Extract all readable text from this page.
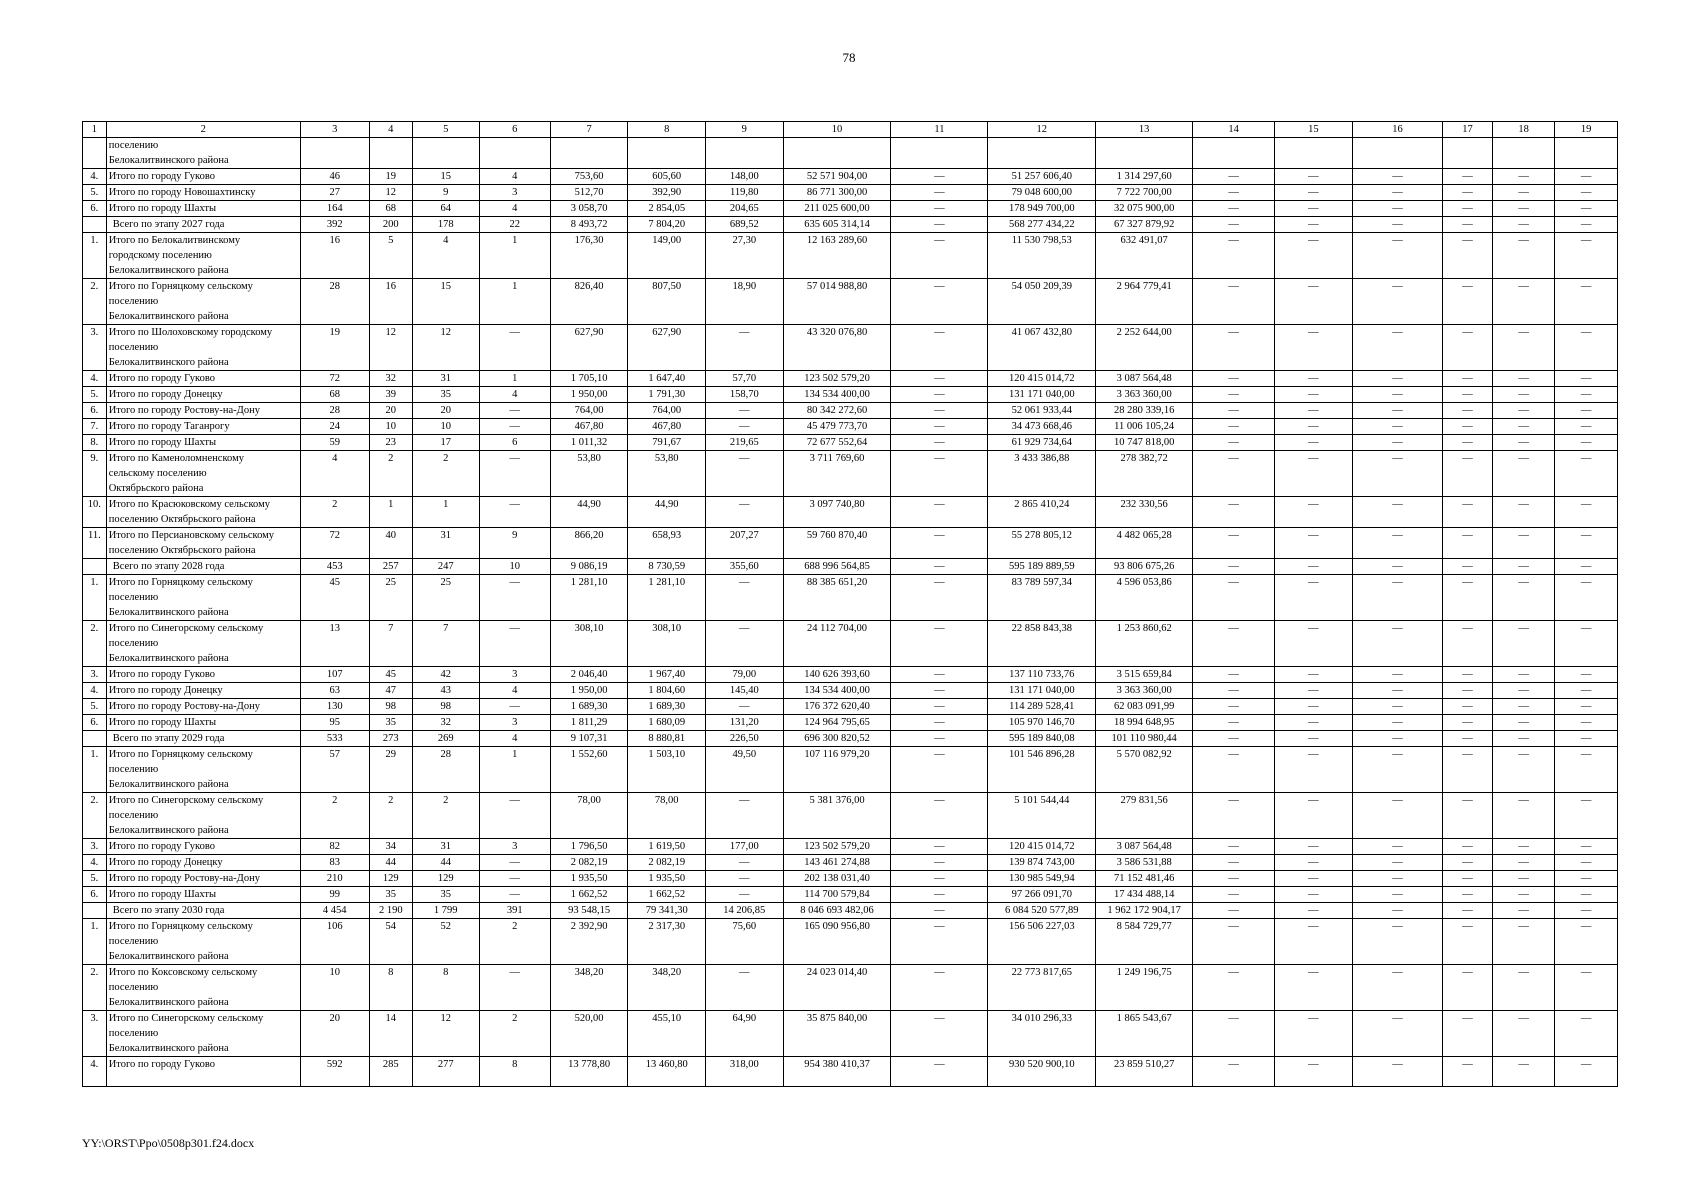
78
1	2	3	4	5	6	7	8	9	10	11	12	13	14	15	16	17	18	19
	поселению
Белокалитвинского района																	
4.	Итого по городу Гуково	46	19	15	4	753,60	605,60	148,00	52 571 904,00	—	51 257 606,40	1 314 297,60	—	—	—	—	—	—
5.	Итого по городу Новошахтинску	27	12	9	3	512,70	392,90	119,80	86 771 300,00	—	79 048 600,00	7 722 700,00	—	—	—	—	—	—
6.	Итого по городу Шахты	164	68	64	4	3 058,70	2 854,05	204,65	211 025 600,00	—	178 949 700,00	32 075 900,00	—	—	—	—	—	—
	Всего по этапу 2027 года	392	200	178	22	8 493,72	7 804,20	689,52	635 605 314,14	—	568 277 434,22	67 327 879,92	—	—	—	—	—	—
1.	Итого по Белокалитвинскому
городскому поселению
Белокалитвинского района	16	5	4	1	176,30	149,00	27,30	12 163 289,60	—	11 530 798,53	632 491,07	—	—	—	—	—	—
2.	Итого по Горняцкому сельскому
поселению
Белокалитвинского района	28	16	15	1	826,40	807,50	18,90	57 014 988,80	—	54 050 209,39	2 964 779,41	—	—	—	—	—	—
3.	Итого по Шолоховскому городскому
поселению
Белокалитвинского района	19	12	12	—	627,90	627,90	—	43 320 076,80	—	41 067 432,80	2 252 644,00	—	—	—	—	—	—
4.	Итого по городу Гуково	72	32	31	1	1 705,10	1 647,40	57,70	123 502 579,20	—	120 415 014,72	3 087 564,48	—	—	—	—	—	—
5.	Итого по городу Донецку	68	39	35	4	1 950,00	1 791,30	158,70	134 534 400,00	—	131 171 040,00	3 363 360,00	—	—	—	—	—	—
6.	Итого по городу Ростову-на-Дону	28	20	20	—	764,00	764,00	—	80 342 272,60	—	52 061 933,44	28 280 339,16	—	—	—	—	—	—
7.	Итого по городу Таганрогу	24	10	10	—	467,80	467,80	—	45 479 773,70	—	34 473 668,46	11 006 105,24	—	—	—	—	—	—
8.	Итого по городу Шахты	59	23	17	6	1 011,32	791,67	219,65	72 677 552,64	—	61 929 734,64	10 747 818,00	—	—	—	—	—	—
9.	Итого по Каменоломненскому
сельскому поселению
Октябрьского района	4	2	2	—	53,80	53,80	—	3 711 769,60	—	3 433 386,88	278 382,72	—	—	—	—	—	—
10.	Итого по Красюковскому сельскому
поселению Октябрьского района	2	1	1	—	44,90	44,90	—	3 097 740,80	—	2 865 410,24	232 330,56	—	—	—	—	—	—
11.	Итого по Персиановскому сельскому
поселению Октябрьского района	72	40	31	9	866,20	658,93	207,27	59 760 870,40	—	55 278 805,12	4 482 065,28	—	—	—	—	—	—
	Всего по этапу 2028 года	453	257	247	10	9 086,19	8 730,59	355,60	688 996 564,85	—	595 189 889,59	93 806 675,26	—	—	—	—	—	—
1.	Итого по Горняцкому сельскому
поселению
Белокалитвинского района	45	25	25	—	1 281,10	1 281,10	—	88 385 651,20	—	83 789 597,34	4 596 053,86	—	—	—	—	—	—
2.	Итого по Синегорскому сельскому
поселению
Белокалитвинского района	13	7	7	—	308,10	308,10	—	24 112 704,00	—	22 858 843,38	1 253 860,62	—	—	—	—	—	—
3.	Итого по городу Гуково	107	45	42	3	2 046,40	1 967,40	79,00	140 626 393,60	—	137 110 733,76	3 515 659,84	—	—	—	—	—	—
4.	Итого по городу Донецку	63	47	43	4	1 950,00	1 804,60	145,40	134 534 400,00	—	131 171 040,00	3 363 360,00	—	—	—	—	—	—
5.	Итого по городу Ростову-на-Дону	130	98	98	—	1 689,30	1 689,30	—	176 372 620,40	—	114 289 528,41	62 083 091,99	—	—	—	—	—	—
6.	Итого по городу Шахты	95	35	32	3	1 811,29	1 680,09	131,20	124 964 795,65	—	105 970 146,70	18 994 648,95	—	—	—	—	—	—
	Всего по этапу 2029 года	533	273	269	4	9 107,31	8 880,81	226,50	696 300 820,52	—	595 189 840,08	101 110 980,44	—	—	—	—	—	—
1.	Итого по Горняцкому сельскому
поселению
Белокалитвинского района	57	29	28	1	1 552,60	1 503,10	49,50	107 116 979,20	—	101 546 896,28	5 570 082,92	—	—	—	—	—	—
2.	Итого по Синегорскому сельскому
поселению
Белокалитвинского района	2	2	2	—	78,00	78,00	—	5 381 376,00	—	5 101 544,44	279 831,56	—	—	—	—	—	—
3.	Итого по городу Гуково	82	34	31	3	1 796,50	1 619,50	177,00	123 502 579,20	—	120 415 014,72	3 087 564,48	—	—	—	—	—	—
4.	Итого по городу Донецку	83	44	44	—	2 082,19	2 082,19	—	143 461 274,88	—	139 874 743,00	3 586 531,88	—	—	—	—	—	—
5.	Итого по городу Ростову-на-Дону	210	129	129	—	1 935,50	1 935,50	—	202 138 031,40	—	130 985 549,94	71 152 481,46	—	—	—	—	—	—
6.	Итого по городу Шахты	99	35	35	—	1 662,52	1 662,52	—	114 700 579,84	—	97 266 091,70	17 434 488,14	—	—	—	—	—	—
	Всего по этапу 2030 года	4 454	2 190	1 799	391	93 548,15	79 341,30	14 206,85	8 046 693 482,06	—	6 084 520 577,89	1 962 172 904,17	—	—	—	—	—	—
1.	Итого по Горняцкому сельскому
поселению
Белокалитвинского района	106	54	52	2	2 392,90	2 317,30	75,60	165 090 956,80	—	156 506 227,03	8 584 729,77	—	—	—	—	—	—
2.	Итого по Коксовскому сельскому
поселению
Белокалитвинского района	10	8	8	—	348,20	348,20	—	24 023 014,40	—	22 773 817,65	1 249 196,75	—	—	—	—	—	—
3.	Итого по Синегорскому сельскому
поселению
Белокалитвинского района	20	14	12	2	520,00	455,10	64,90	35 875 840,00	—	34 010 296,33	1 865 543,67	—	—	—	—	—	—
4.	Итого по городу Гуково	592	285	277	8	13 778,80	13 460,80	318,00	954 380 410,37	—	930 520 900,10	23 859 510,27	—	—	—	—	—	—
YY:\ORST\Ppo\0508p301.f24.docx
